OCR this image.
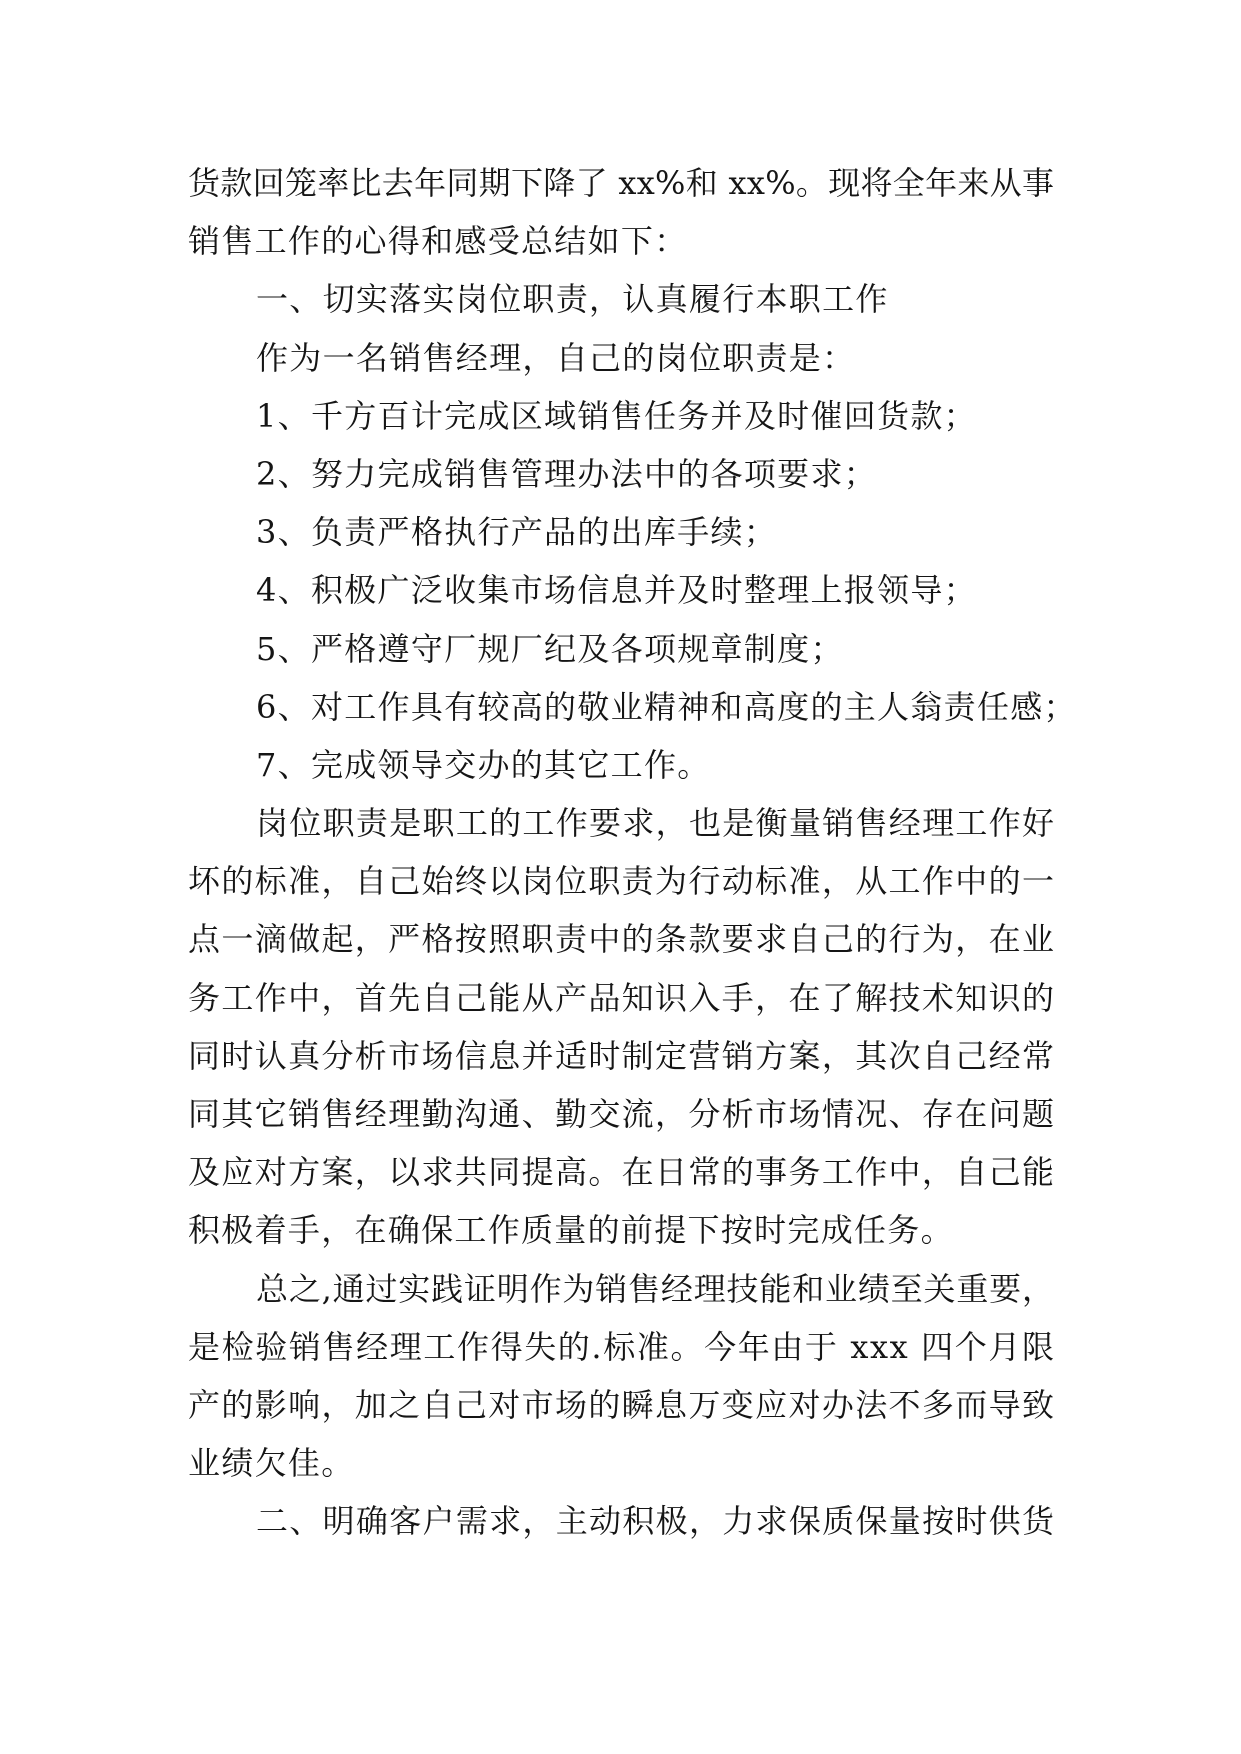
货款回笼率比去年同期下降了 xx%和 xx%。现将全年来从事
销售工作的心得和感受总结如下：
一、切实落实岗位职责，认真履行本职工作
作为一名销售经理，自己的岗位职责是：
1、千方百计完成区域销售任务并及时催回货款；
2、努力完成销售管理办法中的各项要求；
3、负责严格执行产品的出库手续；
4、积极广泛收集市场信息并及时整理上报领导；
5、严格遵守厂规厂纪及各项规章制度；
6、对工作具有较高的敬业精神和高度的主人翁责任感；
7、完成领导交办的其它工作。
岗位职责是职工的工作要求，也是衡量销售经理工作好
坏的标准，自己始终以岗位职责为行动标准，从工作中的一
点一滴做起，严格按照职责中的条款要求自己的行为，在业
务工作中，首先自己能从产品知识入手，在了解技术知识的
同时认真分析市场信息并适时制定营销方案，其次自己经常
同其它销售经理勤沟通、勤交流，分析市场情况、存在问题
及应对方案，以求共同提高。在日常的事务工作中，自己能
积极着手，在确保工作质量的前提下按时完成任务。
总之,通过实践证明作为销售经理技能和业绩至关重要，
是检验销售经理工作得失的.标准。今年由于 xxx 四个月限
产的影响，加之自己对市场的瞬息万变应对办法不多而导致
业绩欠佳。
二、明确客户需求，主动积极，力求保质保量按时供货
